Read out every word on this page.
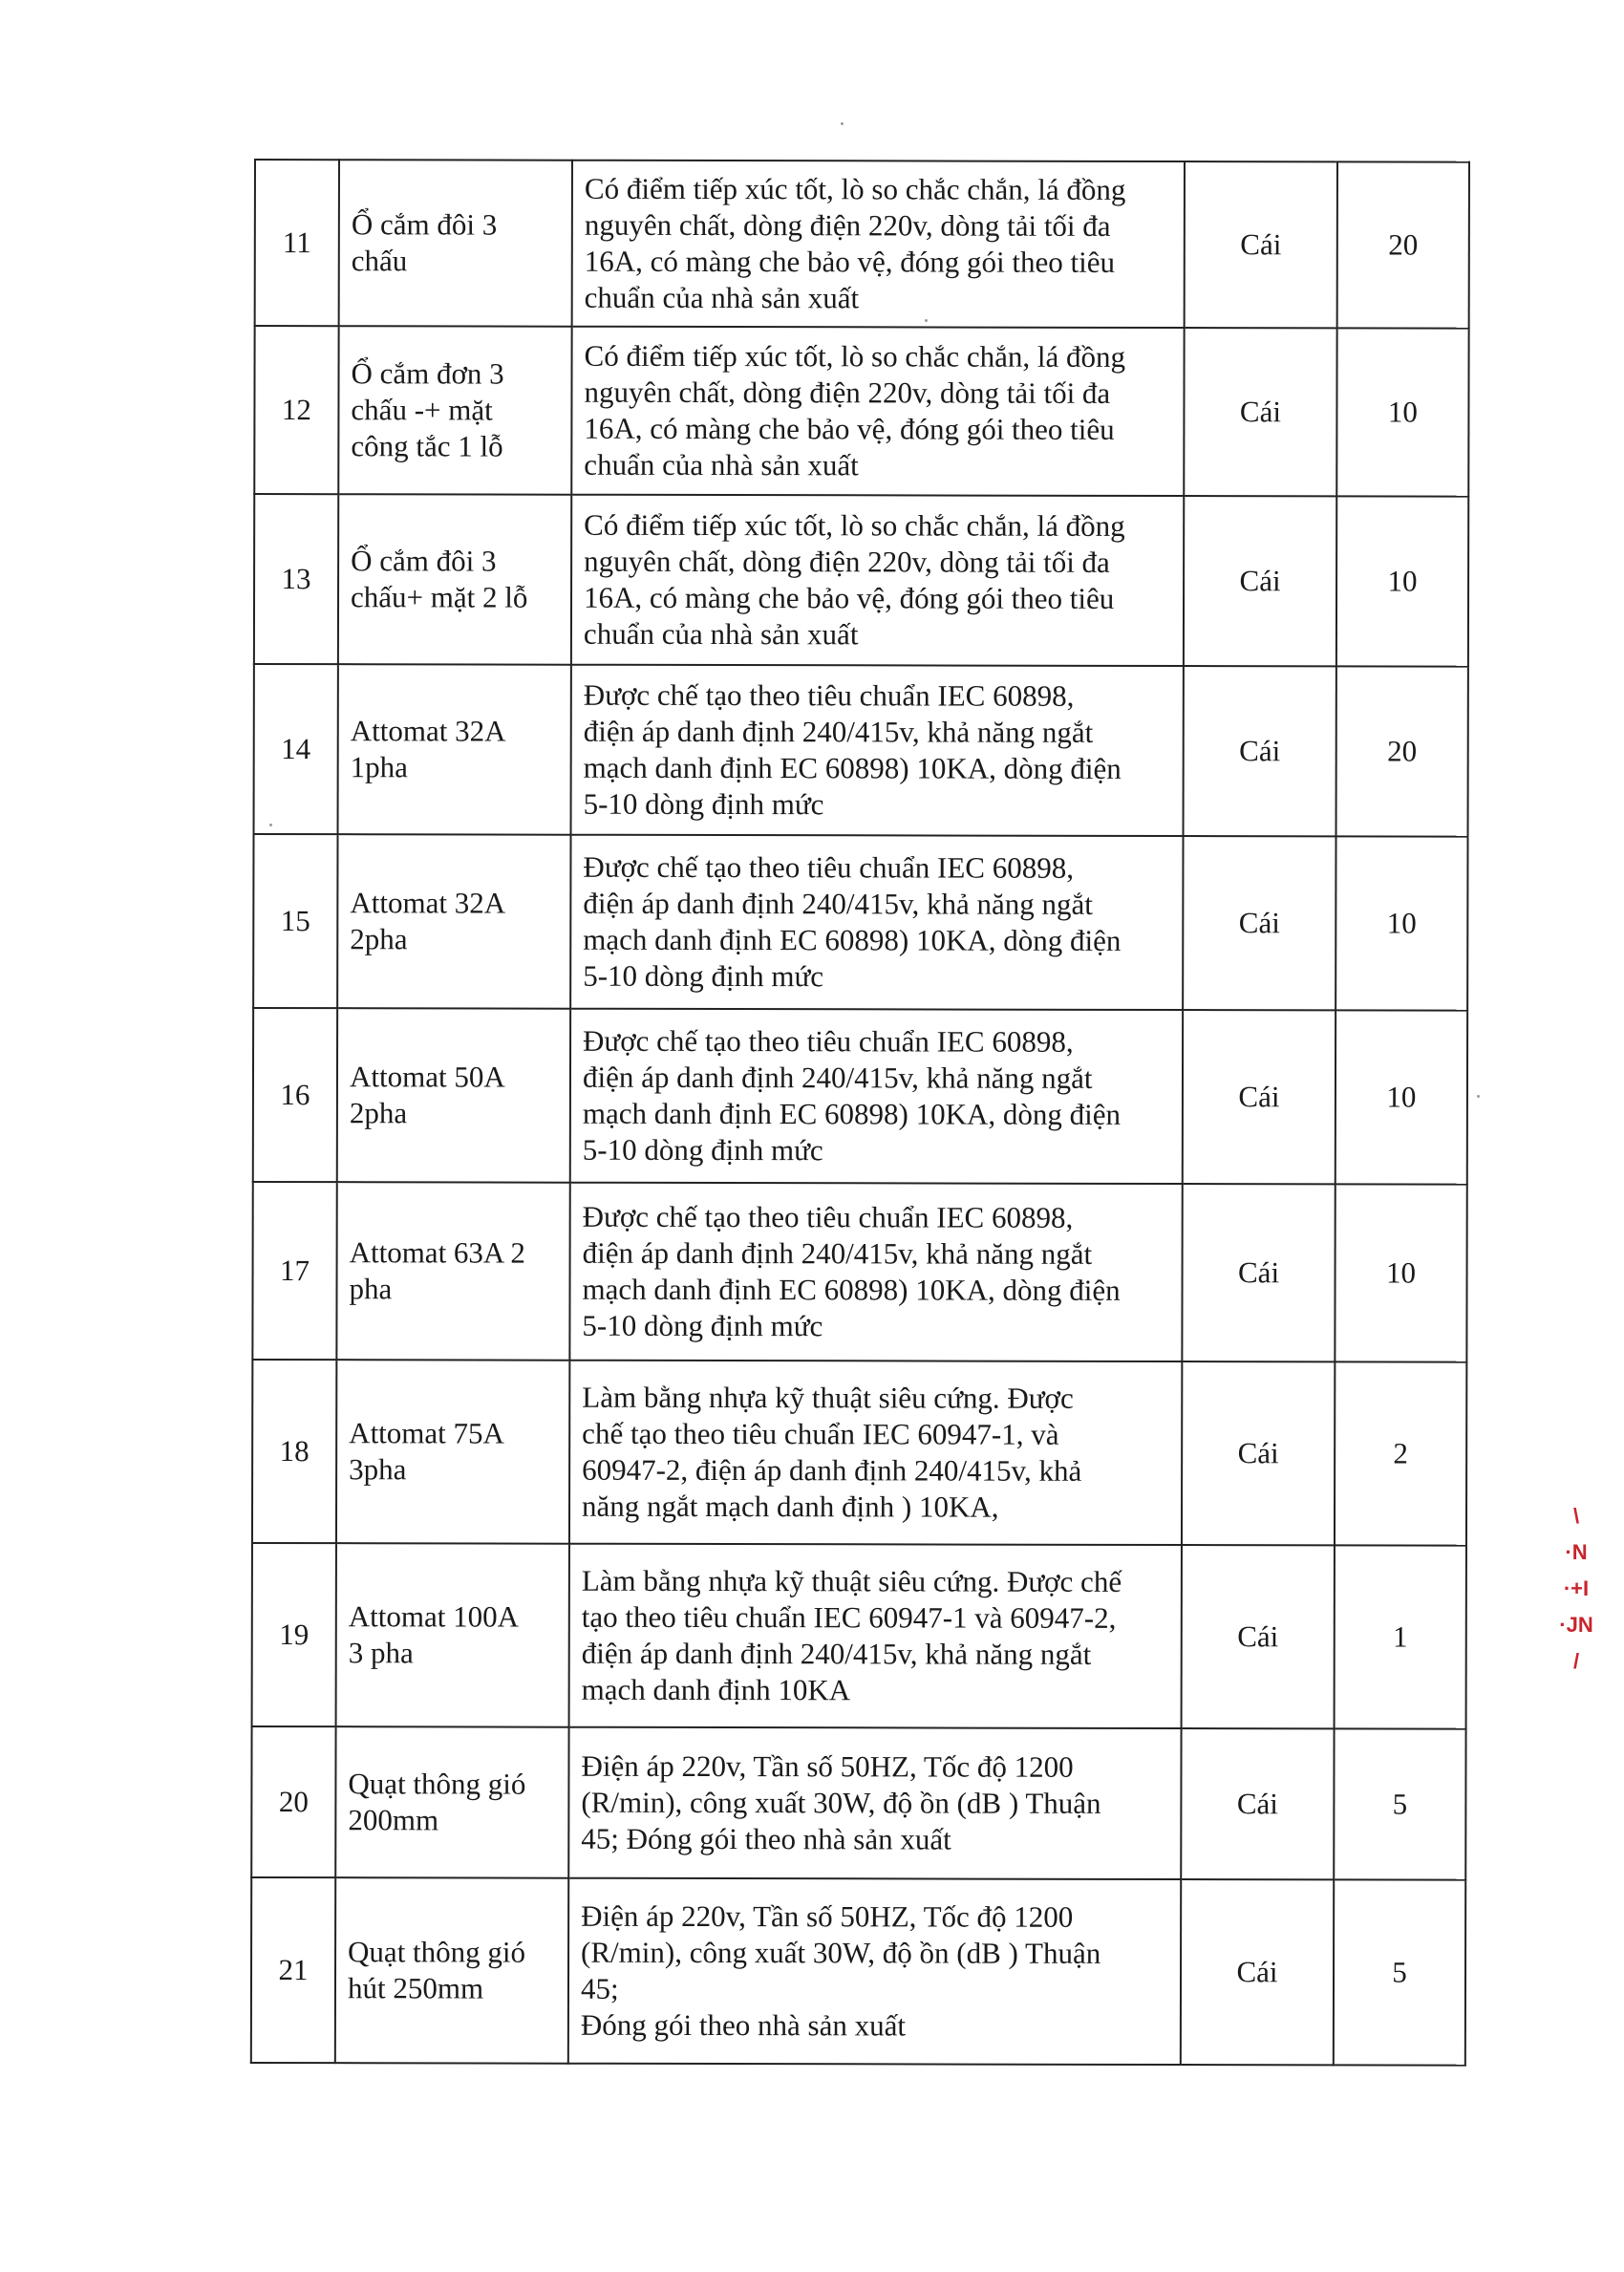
11	Ổ cắm đôi 3
chấu	Có điểm tiếp xúc tốt, lò so chắc chắn, lá đồng
nguyên chất, dòng điện 220v, dòng tải tối đa
16A, có màng che bảo vệ, đóng gói theo tiêu
chuẩn của nhà sản xuất	Cái	20
12	Ổ cắm đơn 3
chấu -+ mặt
công tắc 1 lỗ	Có điểm tiếp xúc tốt, lò so chắc chắn, lá đồng
nguyên chất, dòng điện 220v, dòng tải tối đa
16A, có màng che bảo vệ, đóng gói theo tiêu
chuẩn của nhà sản xuất	Cái	10
13	Ổ cắm đôi 3
chấu+ mặt 2 lỗ	Có điểm tiếp xúc tốt, lò so chắc chắn, lá đồng
nguyên chất, dòng điện 220v, dòng tải tối đa
16A, có màng che bảo vệ, đóng gói theo tiêu
chuẩn của nhà sản xuất	Cái	10
14	Attomat 32A
1pha	Được chế tạo theo tiêu chuẩn IEC 60898,
điện áp danh định 240/415v, khả năng ngắt
mạch danh định EC 60898) 10KA, dòng điện
5-10 dòng định mức	Cái	20
15	Attomat 32A
2pha	Được chế tạo theo tiêu chuẩn IEC 60898,
điện áp danh định 240/415v, khả năng ngắt
mạch danh định EC 60898) 10KA, dòng điện
5-10 dòng định mức	Cái	10
16	Attomat 50A
2pha	Được chế tạo theo tiêu chuẩn IEC 60898,
điện áp danh định 240/415v, khả năng ngắt
mạch danh định EC 60898) 10KA, dòng điện
5-10 dòng định mức	Cái	10
17	Attomat 63A 2
pha	Được chế tạo theo tiêu chuẩn IEC 60898,
điện áp danh định 240/415v, khả năng ngắt
mạch danh định EC 60898) 10KA, dòng điện
5-10 dòng định mức	Cái	10
18	Attomat 75A
3pha	Làm bằng nhựa kỹ thuật siêu cứng. Được
chế tạo theo tiêu chuẩn IEC 60947-1, và
60947-2, điện áp danh định 240/415v, khả
năng ngắt mạch danh định ) 10KA,	Cái	2
19	Attomat 100A
3 pha	Làm bằng nhựa kỹ thuật siêu cứng. Được chế
tạo theo tiêu chuẩn IEC 60947-1 và 60947-2,
điện áp danh định 240/415v, khả năng ngắt
mạch danh định 10KA	Cái	1
20	Quạt thông gió
200mm	Điện áp 220v, Tần số 50HZ, Tốc độ 1200
(R/min), công xuất 30W, độ ồn (dB ) Thuận
45; Đóng gói theo nhà sản xuất	Cái	5
21	Quạt thông gió
hút 250mm	Điện áp 220v, Tần số 50HZ, Tốc độ 1200
(R/min), công xuất 30W, độ ồn (dB ) Thuận
45;
Đóng gói theo nhà sản xuất	Cái	5
\
·N
·+I
·JN
/
